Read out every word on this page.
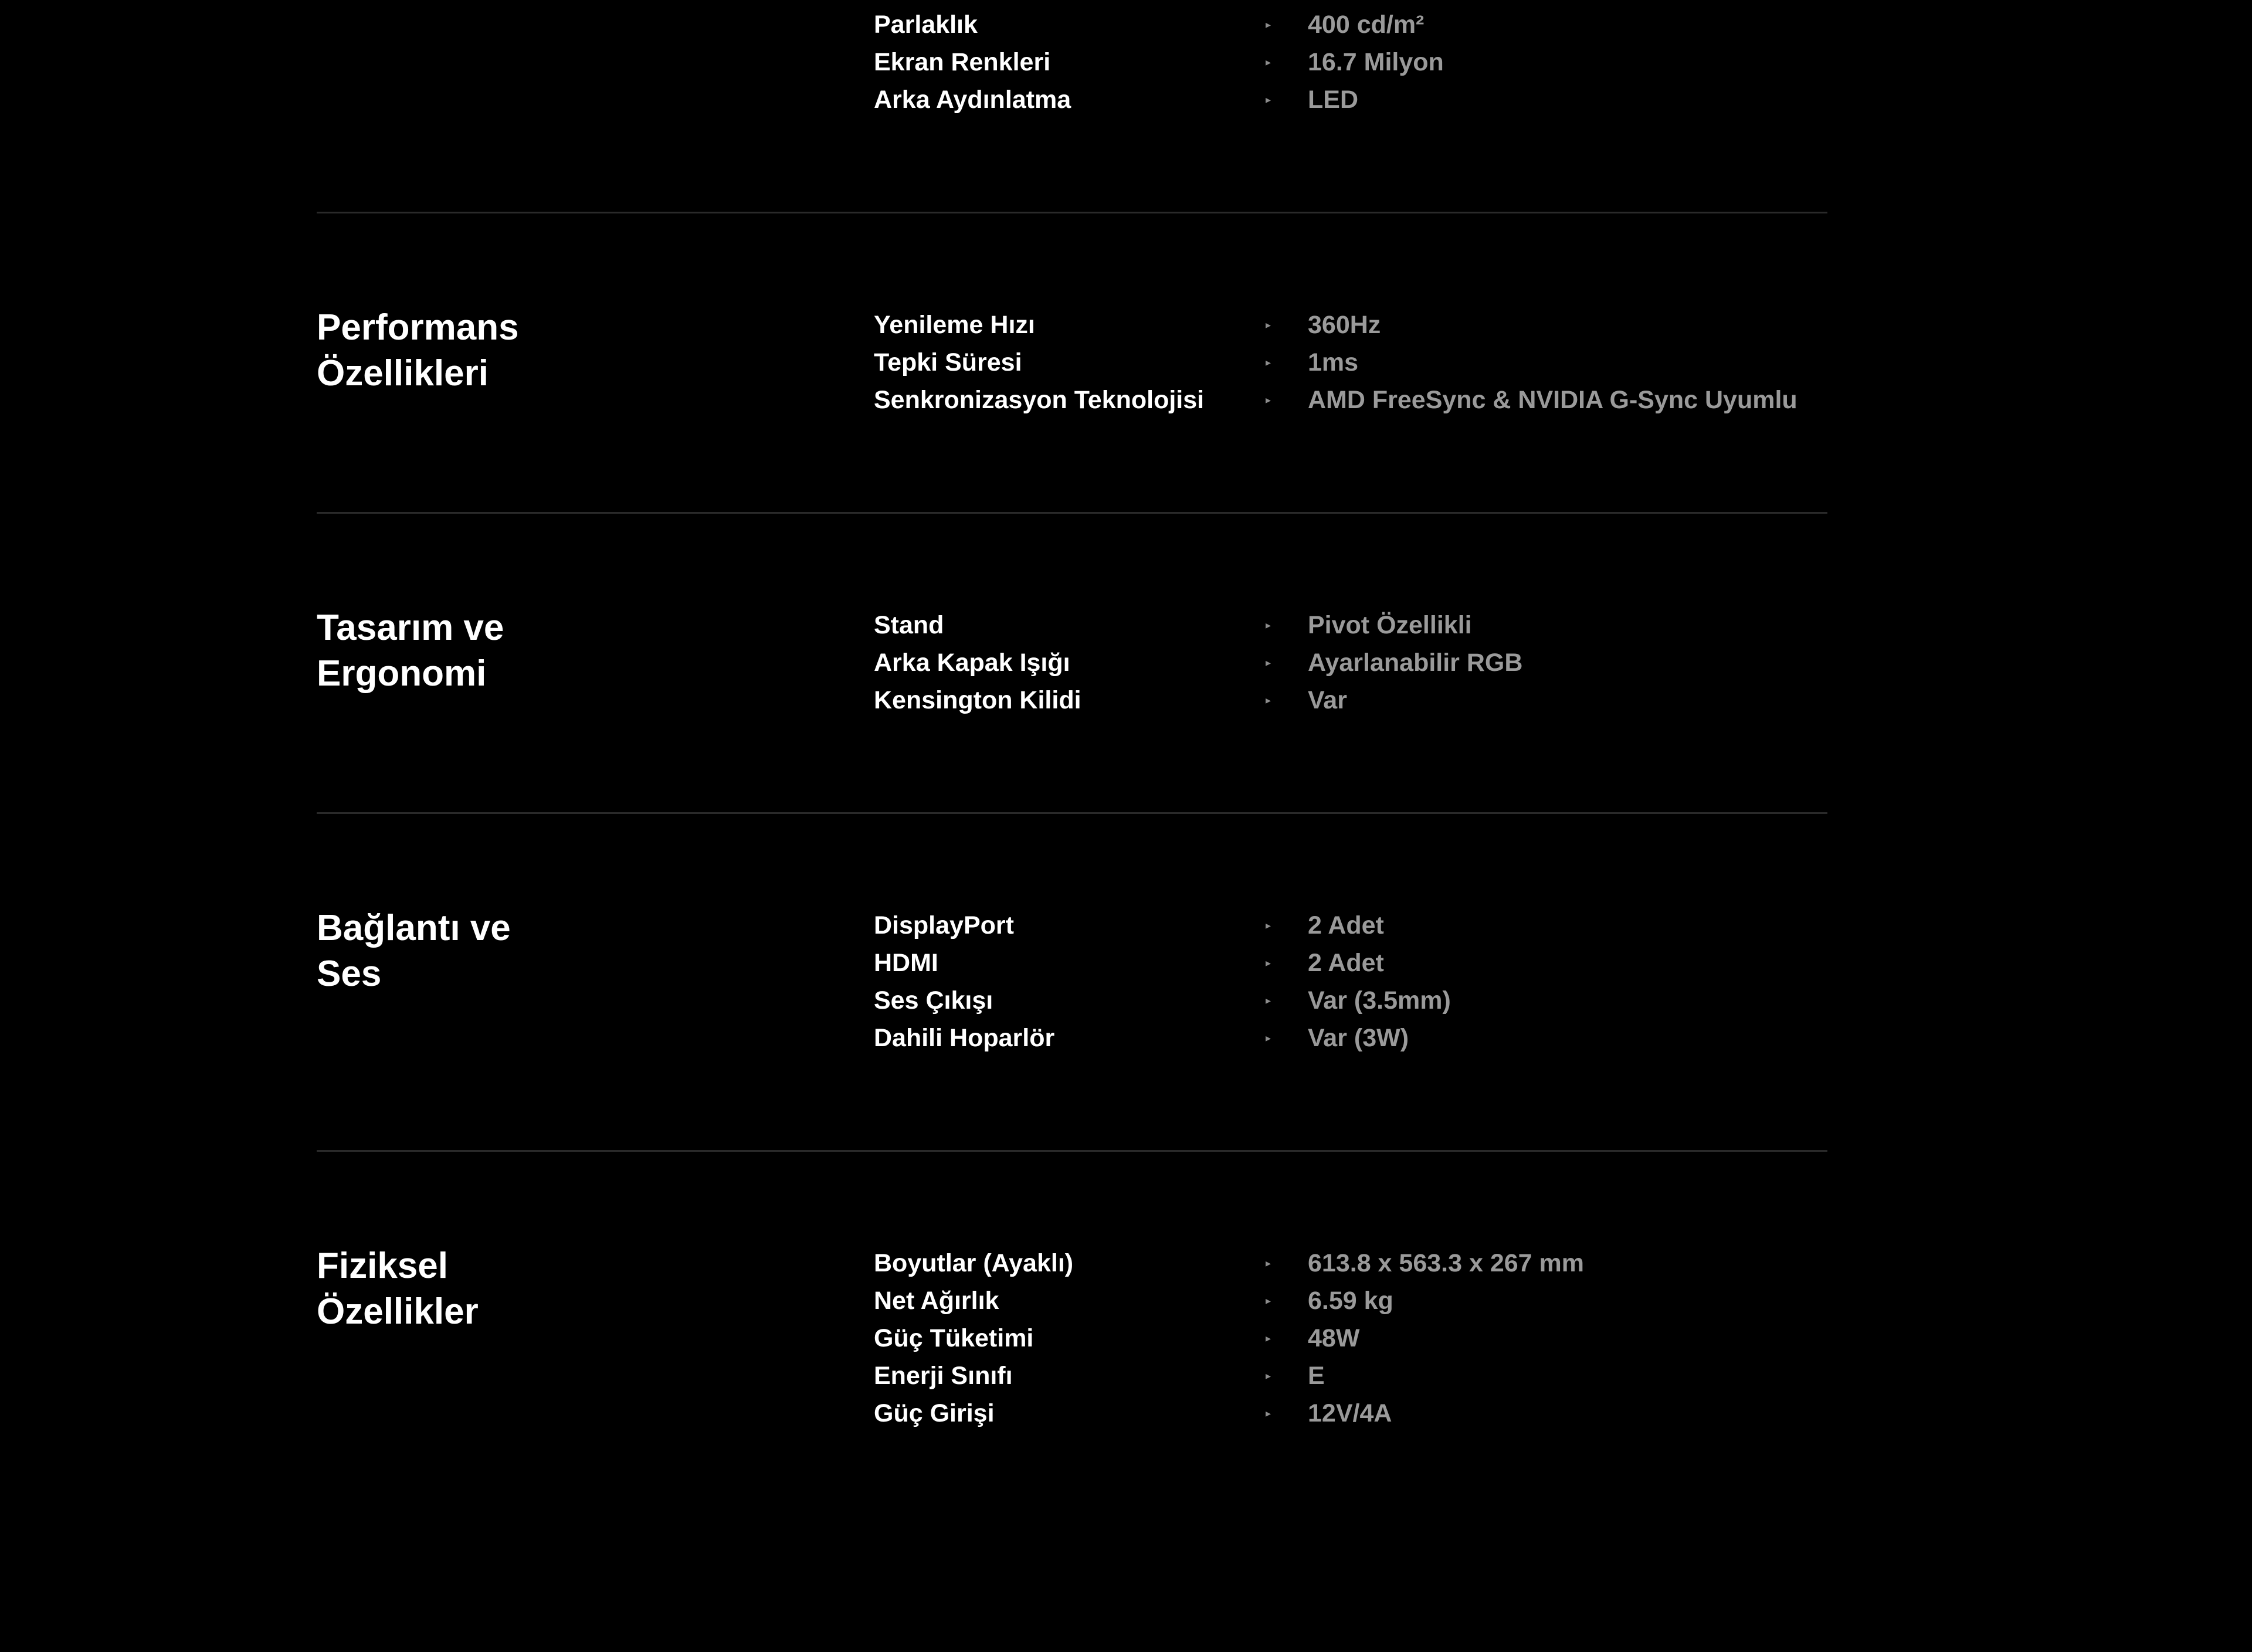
Parlaklık	▸ 400 cd/m²
Ekran Renkleri	▸ 16.7 Milyon
Arka Aydınlatma	▸ LED
Performans
Özellikleri
Yenileme Hızı	▸ 360Hz
Tepki Süresi	▸ 1ms
Senkronizasyon Teknolojisi	▸ AMD FreeSync & NVIDIA G-Sync Uyumlu
Tasarım ve
Ergonomi
Stand	▸ Pivot Özellikli
Arka Kapak Işığı	▸ Ayarlanabilir RGB
Kensington Kilidi	▸ Var
Bağlantı ve
Ses
DisplayPort	▸ 2 Adet
HDMI	▸ 2 Adet
Ses Çıkışı	▸ Var (3.5mm)
Dahili Hoparlör	▸ Var (3W)
Fiziksel
Özellikler
Boyutlar (Ayaklı)	▸ 613.8 x 563.3 x 267 mm
Net Ağırlık	▸ 6.59 kg
Güç Tüketimi	▸ 48W
Enerji Sınıfı	▸ E
Güç Girişi	▸ 12V/4A
